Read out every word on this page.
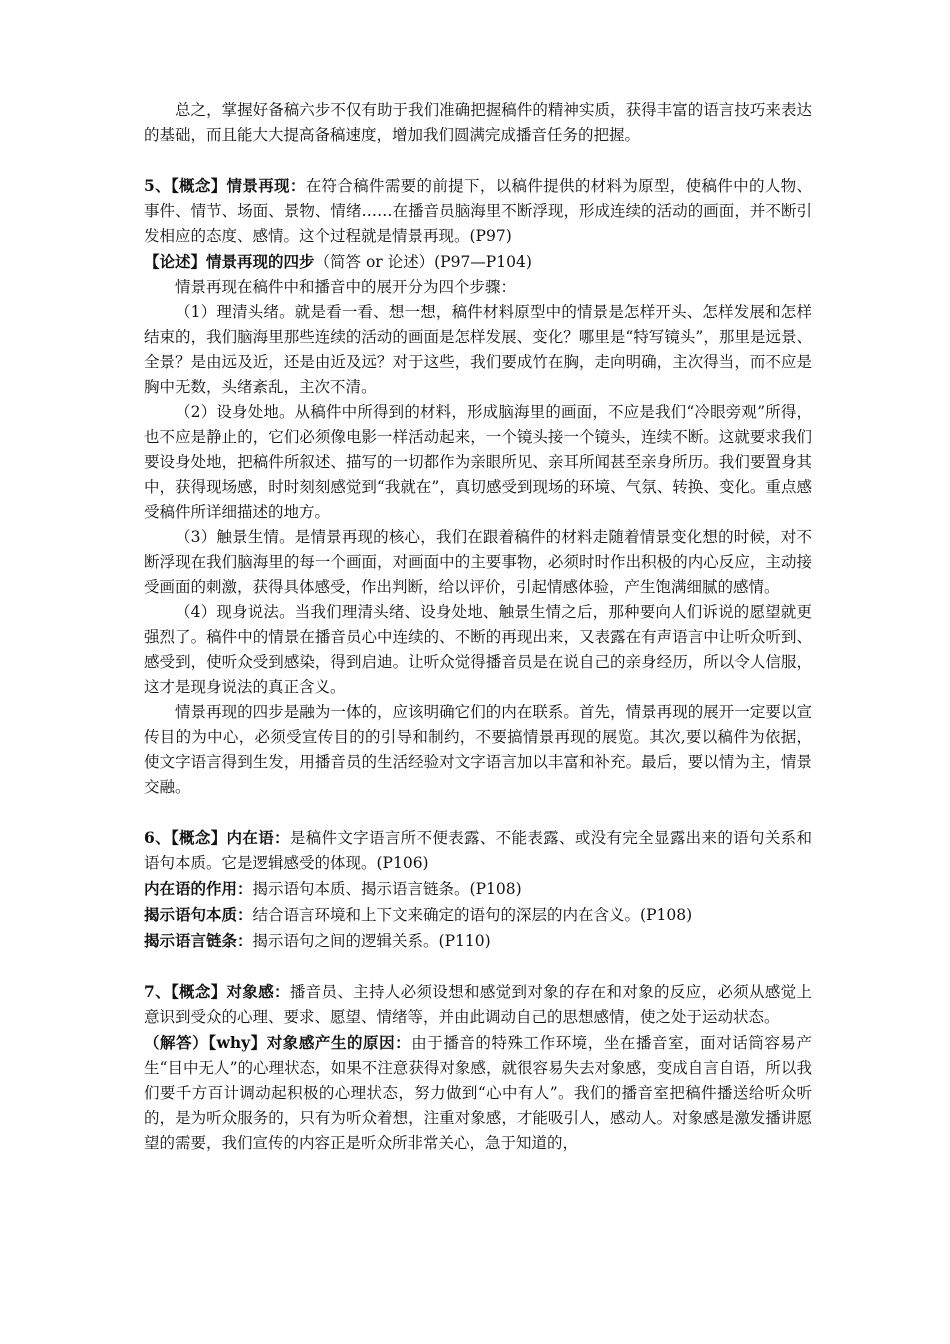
总之，掌握好备稿六步不仅有助于我们准确把握稿件的精神实质，获得丰富的语言技巧来表达的基础，而且能大大提高备稿速度，增加我们圆满完成播音任务的把握。

5、【概念】情景再现：在符合稿件需要的前提下，以稿件提供的材料为原型，使稿件中的人物、事件、情节、场面、景物、情绪……在播音员脑海里不断浮现，形成连续的活动的画面，并不断引发相应的态度、感情。这个过程就是情景再现。(P97)

【论述】情景再现的四步（简答 or 论述）(P97—P104)

情景再现在稿件中和播音中的展开分为四个步骤：

（1）理清头绪。就是看一看、想一想，稿件材料原型中的情景是怎样开头、怎样发展和怎样结束的，我们脑海里那些连续的活动的画面是怎样发展、变化？哪里是“特写镜头”，那里是远景、全景？是由远及近，还是由近及远？对于这些，我们要成竹在胸，走向明确，主次得当，而不应是胸中无数，头绪紊乱，主次不清。

（2）设身处地。从稿件中所得到的材料，形成脑海里的画面，不应是我们“冷眼旁观”所得，也不应是静止的，它们必须像电影一样活动起来，一个镜头接一个镜头，连续不断。这就要求我们要设身处地，把稿件所叙述、描写的一切都作为亲眼所见、亲耳所闻甚至亲身所历。我们要置身其中，获得现场感，时时刻刻感觉到“我就在”，真切感受到现场的环境、气氛、转换、变化。重点感受稿件所详细描述的地方。

（3）触景生情。是情景再现的核心，我们在跟着稿件的材料走随着情景变化想的时候，对不断浮现在我们脑海里的每一个画面，对画面中的主要事物，必须时时作出积极的内心反应，主动接受画面的刺激，获得具体感受，作出判断，给以评价，引起情感体验，产生饱满细腻的感情。

（4）现身说法。当我们理清头绪、设身处地、触景生情之后，那种要向人们诉说的愿望就更强烈了。稿件中的情景在播音员心中连续的、不断的再现出来，又表露在有声语言中让听众听到、感受到，使听众受到感染，得到启迪。让听众觉得播音员是在说自己的亲身经历，所以令人信服，这才是现身说法的真正含义。

情景再现的四步是融为一体的，应该明确它们的内在联系。首先，情景再现的展开一定要以宣传目的为中心，必须受宣传目的的引导和制约，不要搞情景再现的展览。其次,要以稿件为依据，使文字语言得到生发，用播音员的生活经验对文字语言加以丰富和补充。最后，要以情为主，情景交融。

6、【概念】内在语：是稿件文字语言所不便表露、不能表露、或没有完全显露出来的语句关系和语句本质。它是逻辑感受的体现。(P106)

内在语的作用：揭示语句本质、揭示语言链条。(P108)

揭示语句本质：结合语言环境和上下文来确定的语句的深层的内在含义。(P108)

揭示语言链条：揭示语句之间的逻辑关系。(P110)

7、【概念】对象感：播音员、主持人必须设想和感觉到对象的存在和对象的反应，必须从感觉上意识到受众的心理、要求、愿望、情绪等，并由此调动自己的思想感情，使之处于运动状态。

（解答）【why】对象感产生的原因：由于播音的特殊工作环境，坐在播音室，面对话筒容易产生“目中无人”的心理状态，如果不注意获得对象感，就很容易失去对象感，变成自言自语，所以我们要千方百计调动起积极的心理状态，努力做到“心中有人”。我们的播音室把稿件播送给听众听的，是为听众服务的，只有为听众着想，注重对象感，才能吸引人，感动人。对象感是激发播讲愿望的需要，我们宣传的内容正是听众所非常关心，急于知道的，
